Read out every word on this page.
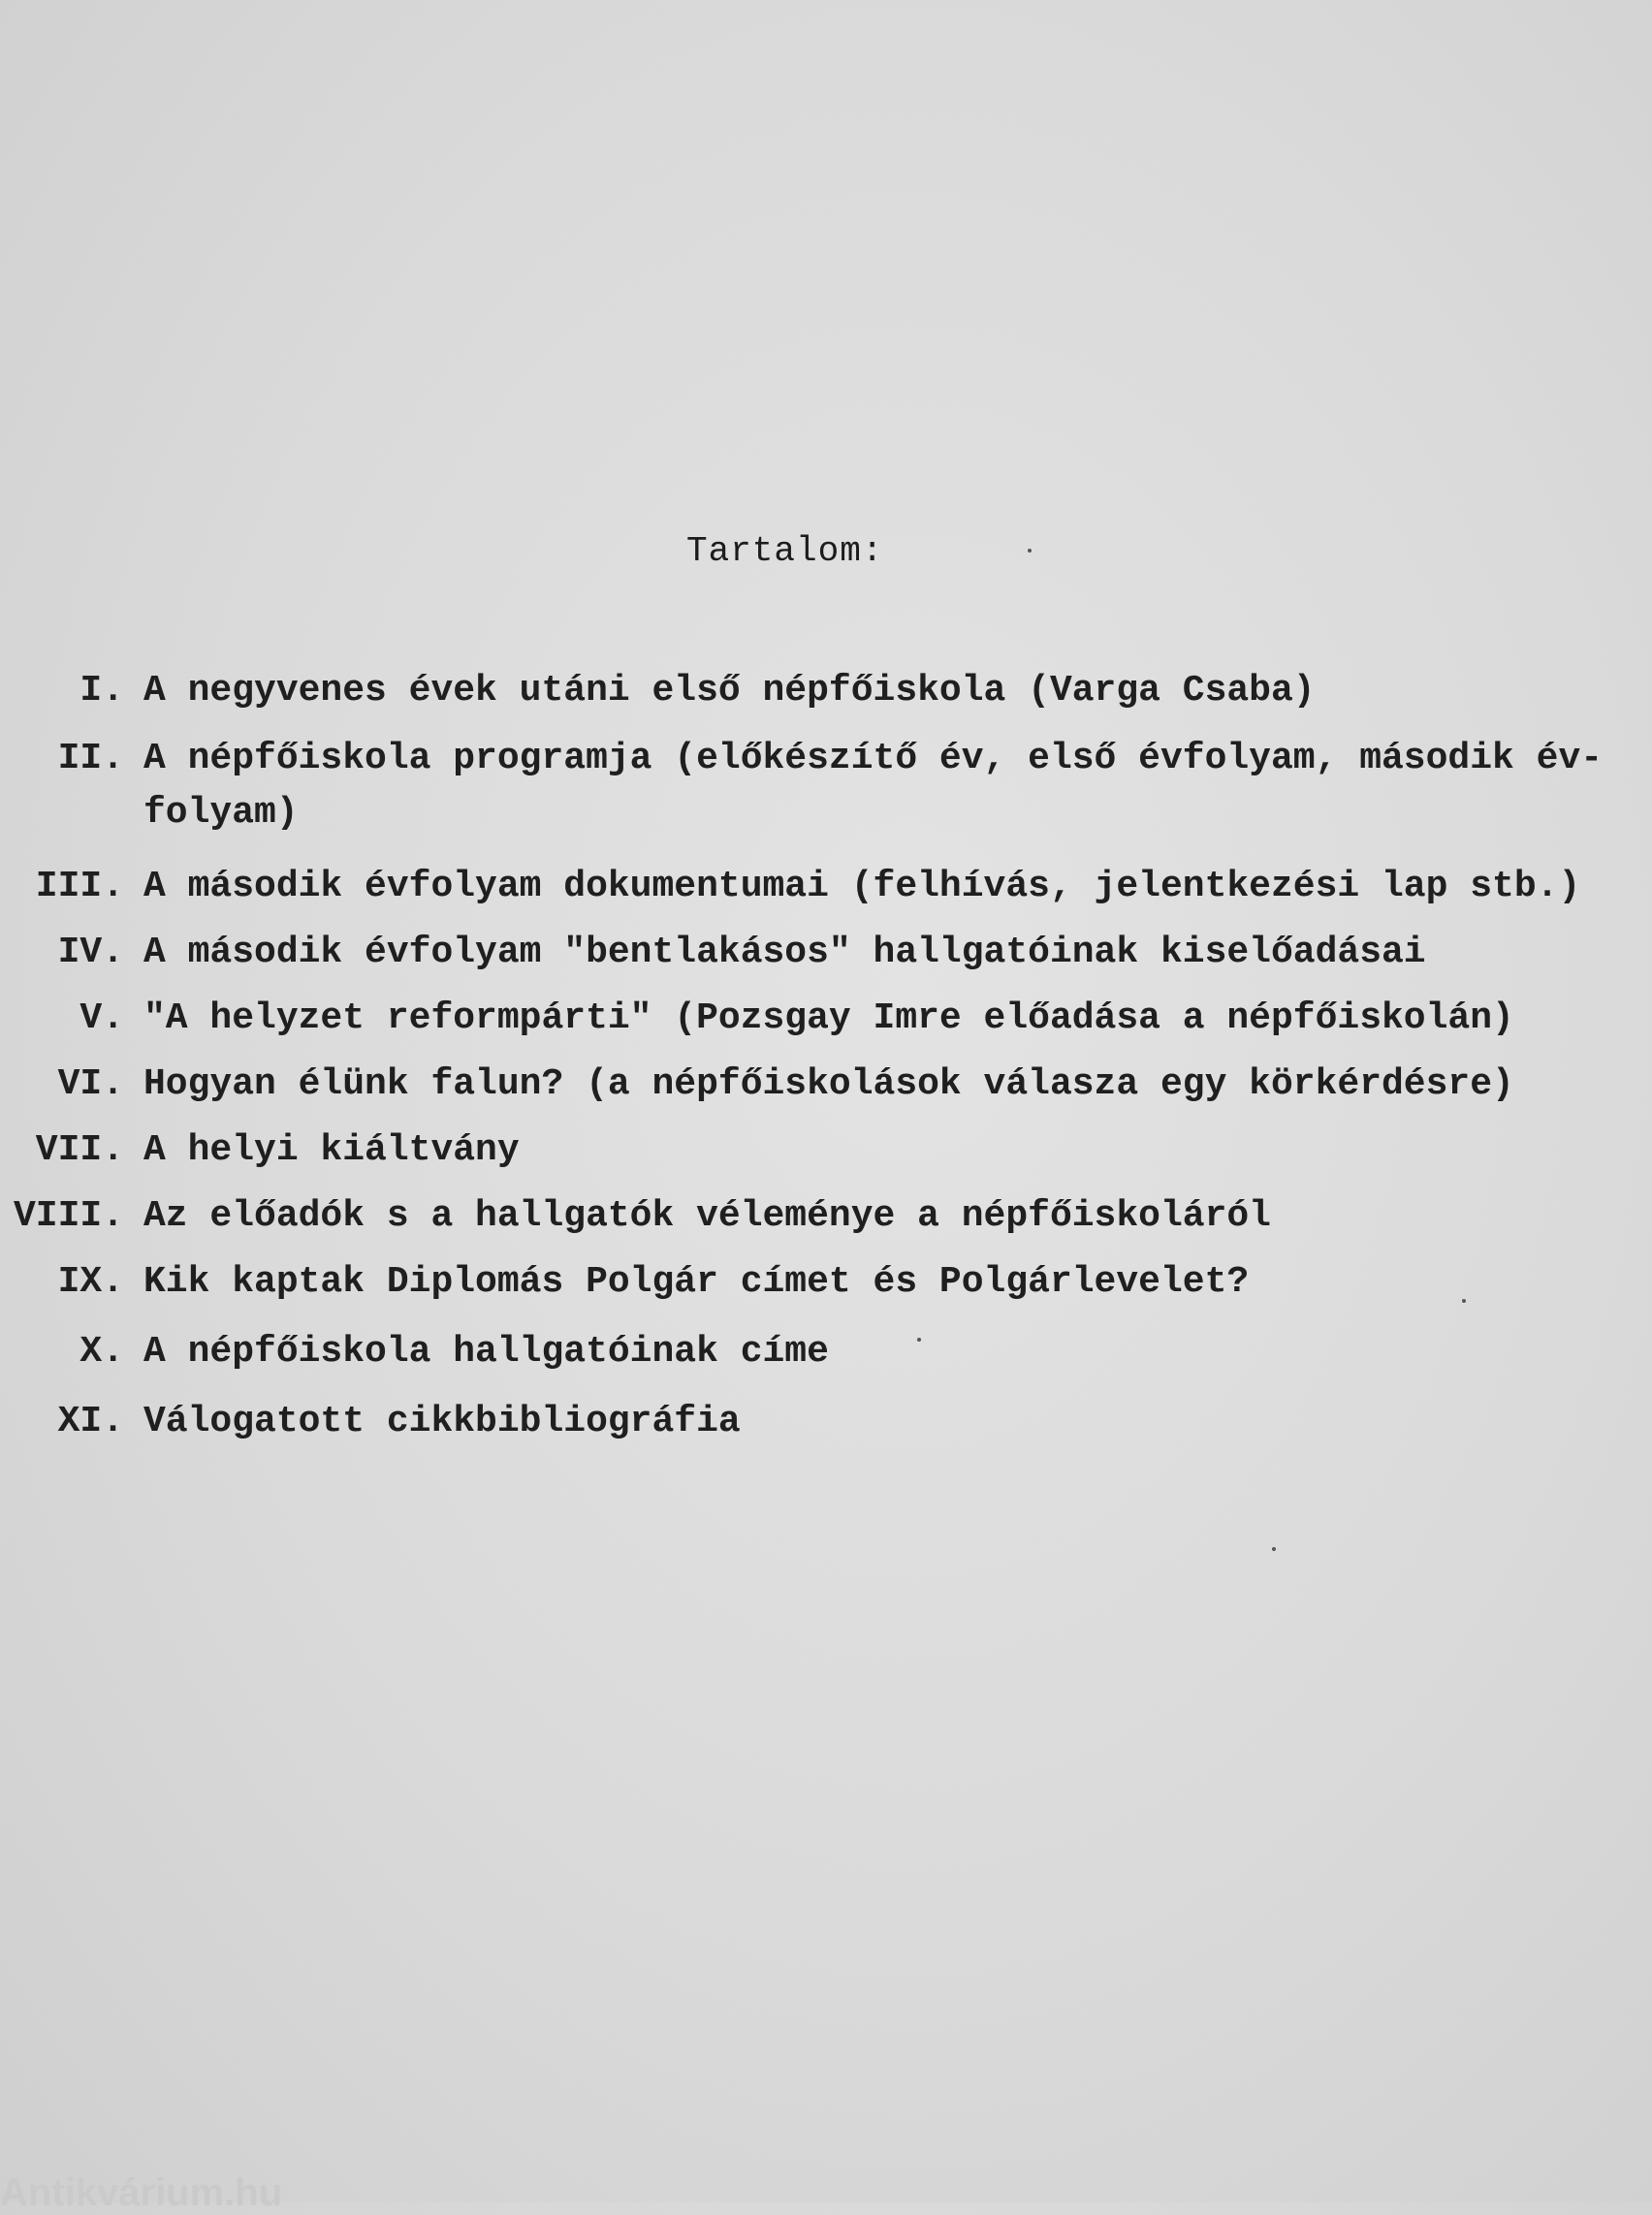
Tartalom:
I. A negyvenes évek utáni első népfőiskola (Varga Csaba)
II. A népfőiskola programja (előkészítő év, első évfolyam, második év-
folyam)
III. A második évfolyam dokumentumai (felhívás, jelentkezési lap stb.)
IV. A második évfolyam "bentlakásos" hallgatóinak kiselőadásai
V. "A helyzet reformpárti" (Pozsgay Imre előadása a népfőiskolán)
VI. Hogyan élünk falun? (a népfőiskolások válasza egy körkérdésre)
VII. A helyi kiáltvány
VIII. Az előadók s a hallgatók véleménye a népfőiskoláról
IX. Kik kaptak Diplomás Polgár címet és Polgárlevelet?
X. A népfőiskola hallgatóinak címe
XI. Válogatott cikkbibliográfia
Antikvárium.hu
